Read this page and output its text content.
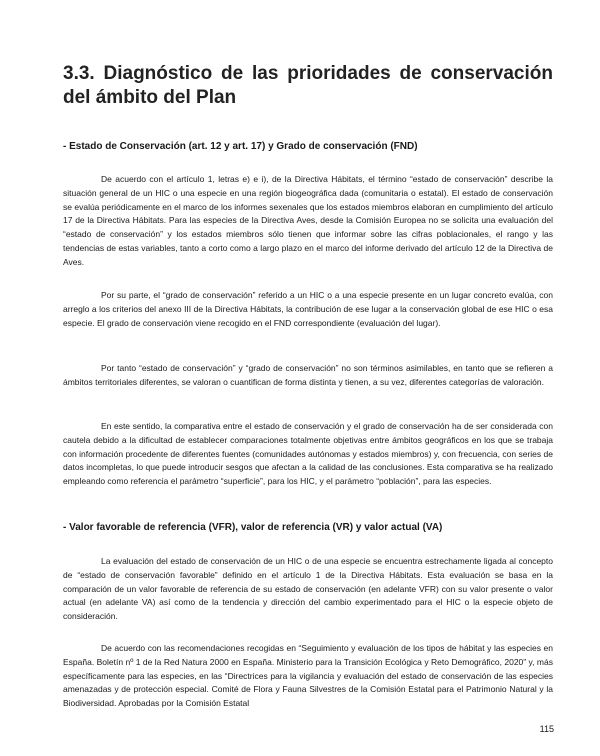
3.3. Diagnóstico de las prioridades de conservación del ámbito del Plan
- Estado de Conservación (art. 12 y art. 17) y Grado de conservación (FND)

De acuerdo con el artículo 1, letras e) e i), de la Directiva Hábitats, el término “estado de conservación” describe la situación general de un HIC o una especie en una región biogeográfica dada (comunitaria o estatal). El estado de conservación se evalúa periódicamente en el marco de los informes sexenales que los estados miembros elaboran en cumplimiento del artículo 17 de la Directiva Hábitats. Para las especies de la Directiva Aves, desde la Comisión Europea no se solicita una evaluación del “estado de conservación” y los estados miembros sólo tienen que informar sobre las cifras poblacionales, el rango y las tendencias de estas variables, tanto a corto como a largo plazo en el marco del informe derivado del artículo 12 de la Directiva de Aves.

Por su parte, el “grado de conservación” referido a un HIC o a una especie presente en un lugar concreto evalúa, con arreglo a los criterios del anexo III de la Directiva Hábitats, la contribución de ese lugar a la conservación global de ese HIC o esa especie. El grado de conservación viene recogido en el FND correspondiente (evaluación del lugar).

Por tanto “estado de conservación” y “grado de conservación” no son términos asimilables, en tanto que se refieren a ámbitos territoriales diferentes, se valoran o cuantifican de forma distinta y tienen, a su vez, diferentes categorías de valoración.

En este sentido, la comparativa entre el estado de conservación y el grado de conservación ha de ser considerada con cautela debido a la dificultad de establecer comparaciones totalmente objetivas entre ámbitos geográficos en los que se trabaja con información procedente de diferentes fuentes (comunidades autónomas y estados miembros) y, con frecuencia, con series de datos incompletas, lo que puede introducir sesgos que afectan a la calidad de las conclusiones. Esta comparativa se ha realizado empleando como referencia el parámetro “superficie”, para los HIC, y el parámetro “población”, para las especies.

- Valor favorable de referencia (VFR), valor de referencia (VR) y valor actual (VA)

La evaluación del estado de conservación de un HIC o de una especie se encuentra estrechamente ligada al concepto de “estado de conservación favorable” definido en el artículo 1 de la Directiva Hábitats. Esta evaluación se basa en la comparación de un valor favorable de referencia de su estado de conservación (en adelante VFR) con su valor presente o valor actual (en adelante VA) así como de la tendencia y dirección del cambio experimentado para el HIC o la especie objeto de consideración.

De acuerdo con las recomendaciones recogidas en “Seguimiento y evaluación de los tipos de hábitat y las especies en España. Boletín nº 1 de la Red Natura 2000 en España. Ministerio para la Transición Ecológica y Reto Demográfico, 2020” y, más específicamente para las especies, en las “Directrices para la vigilancia y evaluación del estado de conservación de las especies amenazadas y de protección especial. Comité de Flora y Fauna Silvestres de la Comisión Estatal para el Patrimonio Natural y la Biodiversidad. Aprobadas por la Comisión Estatal

115
